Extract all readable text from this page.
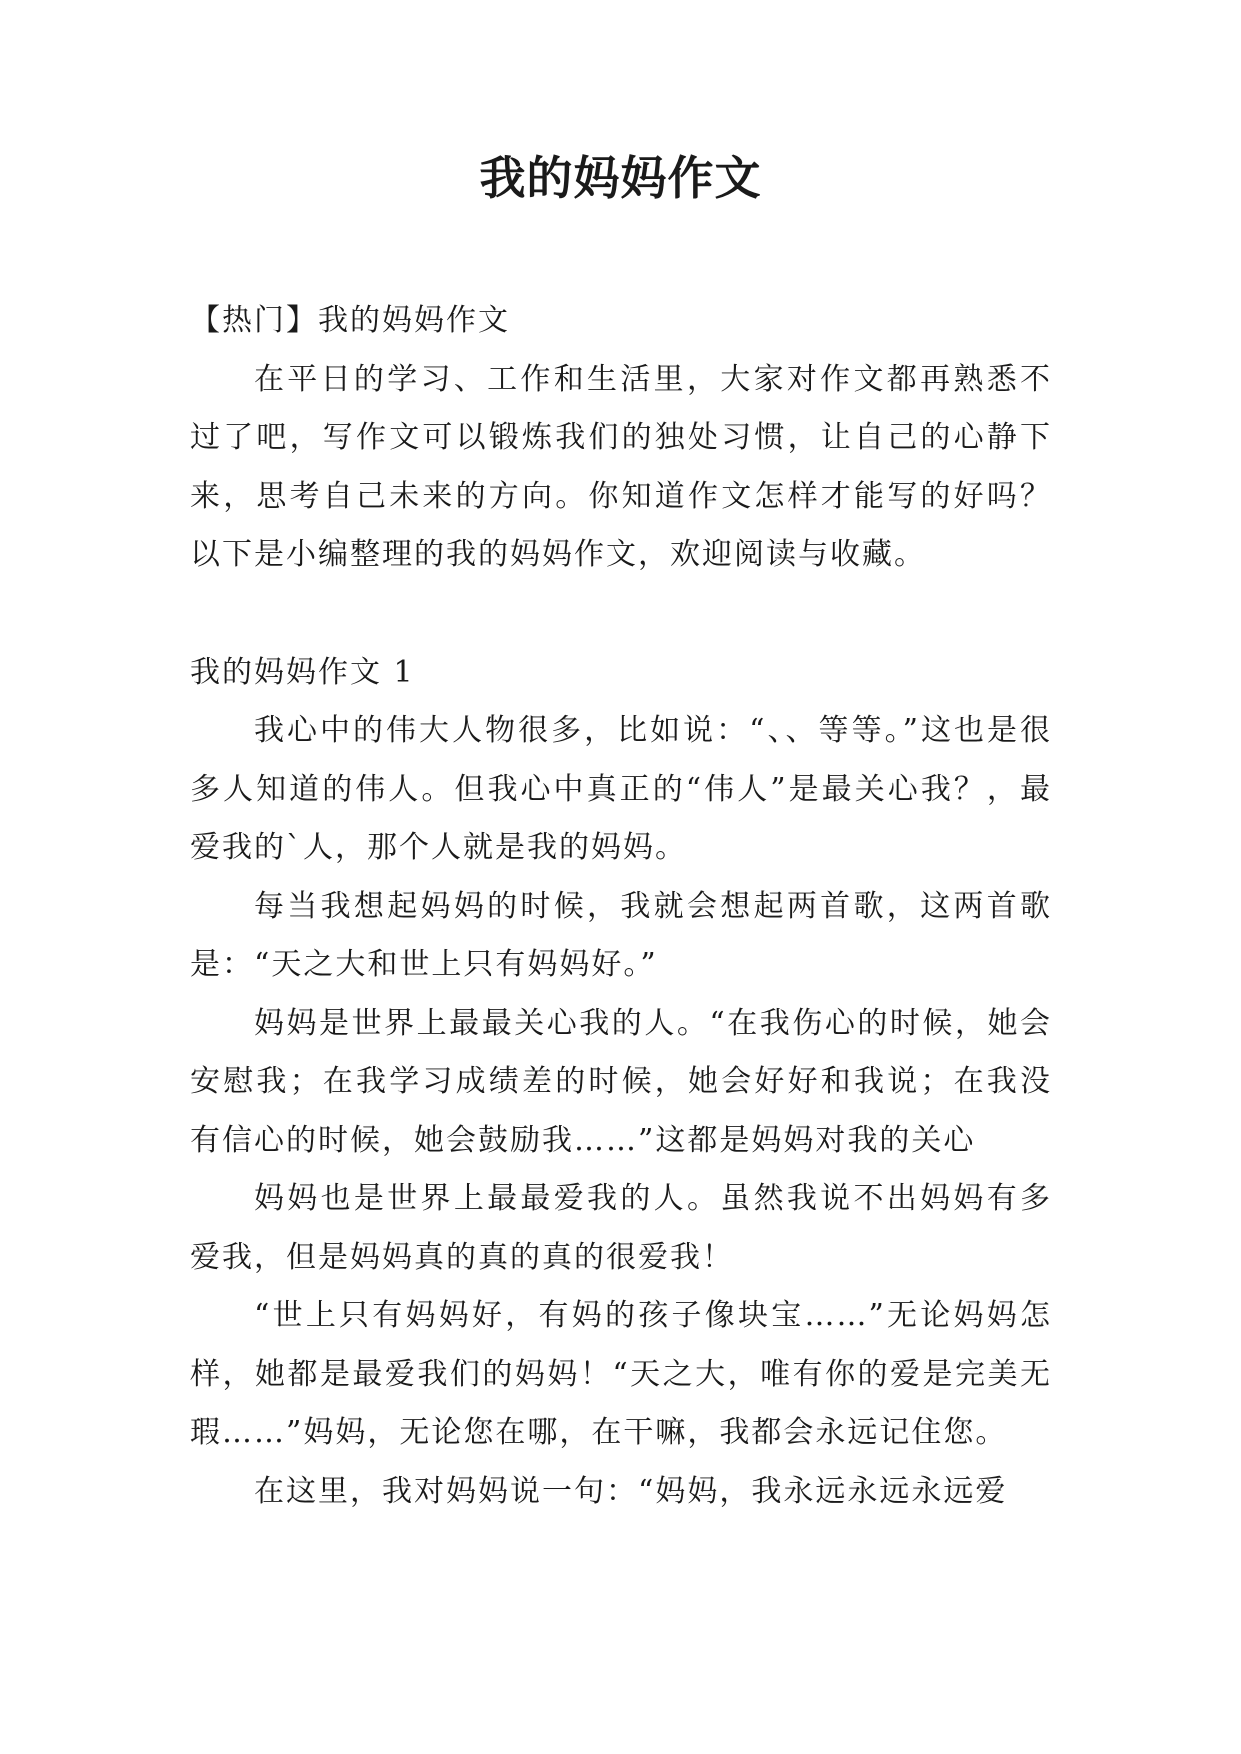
我的妈妈作文

【热门】我的妈妈作文

在平日的学习、工作和生活里，大家对作文都再熟悉不过了吧，写作文可以锻炼我们的独处习惯，让自己的心静下来，思考自己未来的方向。你知道作文怎样才能写的好吗？以下是小编整理的我的妈妈作文，欢迎阅读与收藏。

我的妈妈作文 1

我心中的伟大人物很多，比如说：“、、等等。”这也是很多人知道的伟人。但我心中真正的“伟人”是最关心我？，最爱我的`人，那个人就是我的妈妈。

每当我想起妈妈的时候，我就会想起两首歌，这两首歌是：“天之大和世上只有妈妈好。”

妈妈是世界上最最关心我的人。“在我伤心的时候，她会安慰我；在我学习成绩差的时候，她会好好和我说；在我没有信心的时候，她会鼓励我……”这都是妈妈对我的关心

妈妈也是世界上最最爱我的人。虽然我说不出妈妈有多爱我，但是妈妈真的真的真的很爱我！

“世上只有妈妈好，有妈的孩子像块宝……”无论妈妈怎样，她都是最爱我们的妈妈！“天之大，唯有你的爱是完美无瑕……”妈妈，无论您在哪，在干嘛，我都会永远记住您。

在这里，我对妈妈说一句：“妈妈，我永远永远永远爱
